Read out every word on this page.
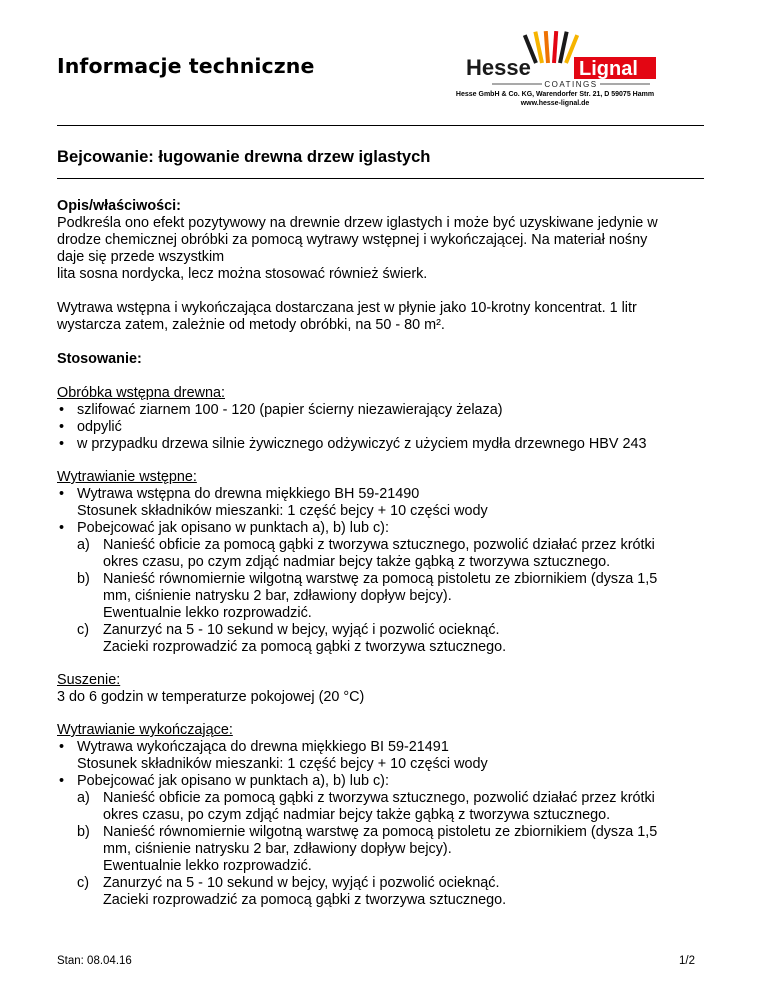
Informacje techniczne	Hesse Lignal
COATINGS
Hesse GmbH & Co. KG, Warendorfer Str. 21, D 59075 Hamm
www.hesse-lignal.de
Bejcowanie: ługowanie drewna drzew iglastych

Opis/właściwości:

Podkreśla ono efekt pozytywowy na drewnie drzew iglastych i może być uzyskiwane jedynie w

drodze chemicznej obróbki za pomocą wytrawy wstępnej i wykończającej. Na materiał nośny

daje się przede wszystkim

lita sosna nordycka, lecz można stosować również świerk.

Wytrawa wstępna i wykończająca dostarczana jest w płynie jako 10-krotny koncentrat. 1 litr

wystarcza zatem, zależnie od metody obróbki, na 50 - 80 m².

Stosowanie:

Obróbka wstępna drewna:

• szlifować ziarnem 100 - 120 (papier ścierny niezawierający żelaza)

• odpylić

• w przypadku drzewa silnie żywicznego odżywiczyć z użyciem mydła drzewnego HBV 243

Wytrawianie wstępne:

• Wytrawa wstępna do drewna miękkiego BH 59-21490

Stosunek składników mieszanki: 1 część bejcy + 10 części wody

• Pobejcować jak opisano w punktach a), b) lub c):

a) Nanieść obficie za pomocą gąbki z tworzywa sztucznego, pozwolić działać przez krótki

okres czasu, po czym zdjąć nadmiar bejcy także gąbką z tworzywa sztucznego.

b) Nanieść równomiernie wilgotną warstwę za pomocą pistoletu ze zbiornikiem (dysza 1,5

mm, ciśnienie natrysku 2 bar, zdławiony dopływ bejcy).

Ewentualnie lekko rozprowadzić.

c) Zanurzyć na 5 - 10 sekund w bejcy, wyjąć i pozwolić ocieknąć.

Zacieki rozprowadzić za pomocą gąbki z tworzywa sztucznego.

Suszenie:

3 do 6 godzin w temperaturze pokojowej (20 °C)

Wytrawianie wykończające:

• Wytrawa wykończająca do drewna miękkiego BI 59-21491

Stosunek składników mieszanki: 1 część bejcy + 10 części wody

• Pobejcować jak opisano w punktach a), b) lub c):

a) Nanieść obficie za pomocą gąbki z tworzywa sztucznego, pozwolić działać przez krótki

okres czasu, po czym zdjąć nadmiar bejcy także gąbką z tworzywa sztucznego.

b) Nanieść równomiernie wilgotną warstwę za pomocą pistoletu ze zbiornikiem (dysza 1,5

mm, ciśnienie natrysku 2 bar, zdławiony dopływ bejcy).

Ewentualnie lekko rozprowadzić.

c) Zanurzyć na 5 - 10 sekund w bejcy, wyjąć i pozwolić ocieknąć.

Zacieki rozprowadzić za pomocą gąbki z tworzywa sztucznego.

Stan: 08.04.16	1/2
